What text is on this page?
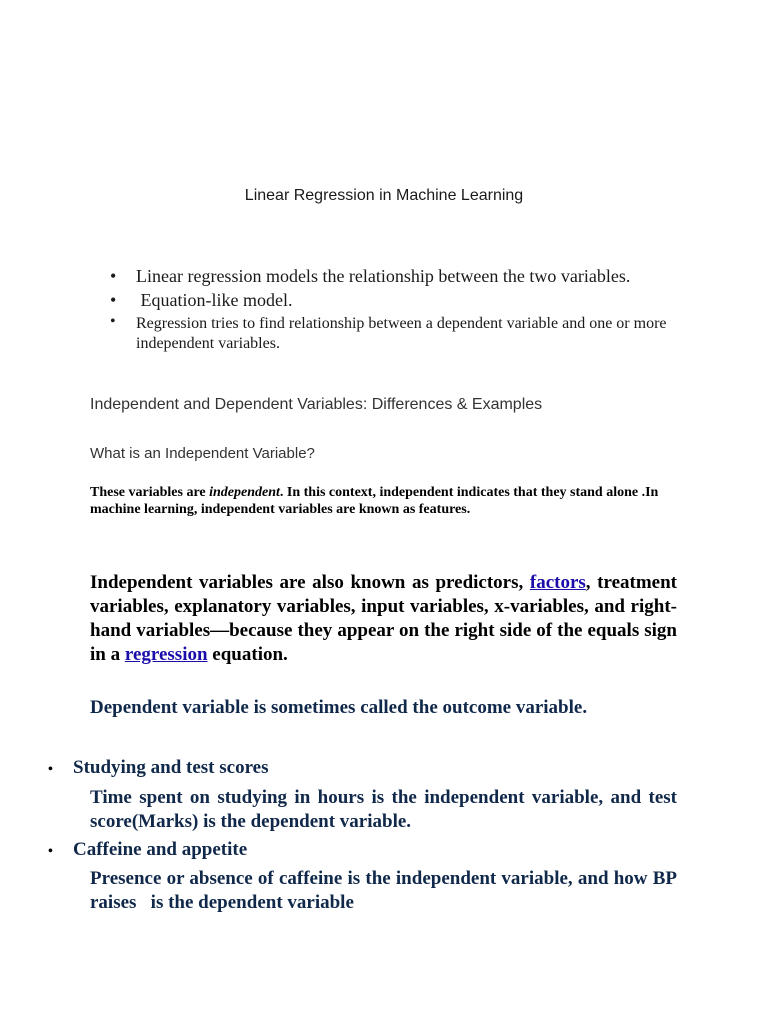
Linear Regression in Machine Learning
• Linear regression models the relationship between the two variables.
• Equation-like model.
• Regression tries to find relationship between a dependent variable and one or more independent variables.
Independent and Dependent Variables: Differences & Examples
What is an Independent Variable?
These variables are independent. In this context, independent indicates that they stand alone .In machine learning, independent variables are known as features.
Independent variables are also known as predictors, factors, treatment variables, explanatory variables, input variables, x-variables, and right-hand variables—because they appear on the right side of the equals sign in a regression equation.
Dependent variable is sometimes called the outcome variable.
• Studying and test scores
Time spent on studying in hours is the independent variable, and test score(Marks) is the dependent variable.
• Caffeine and appetite
Presence or absence of caffeine is the independent variable, and how BP raises   is the dependent variable
